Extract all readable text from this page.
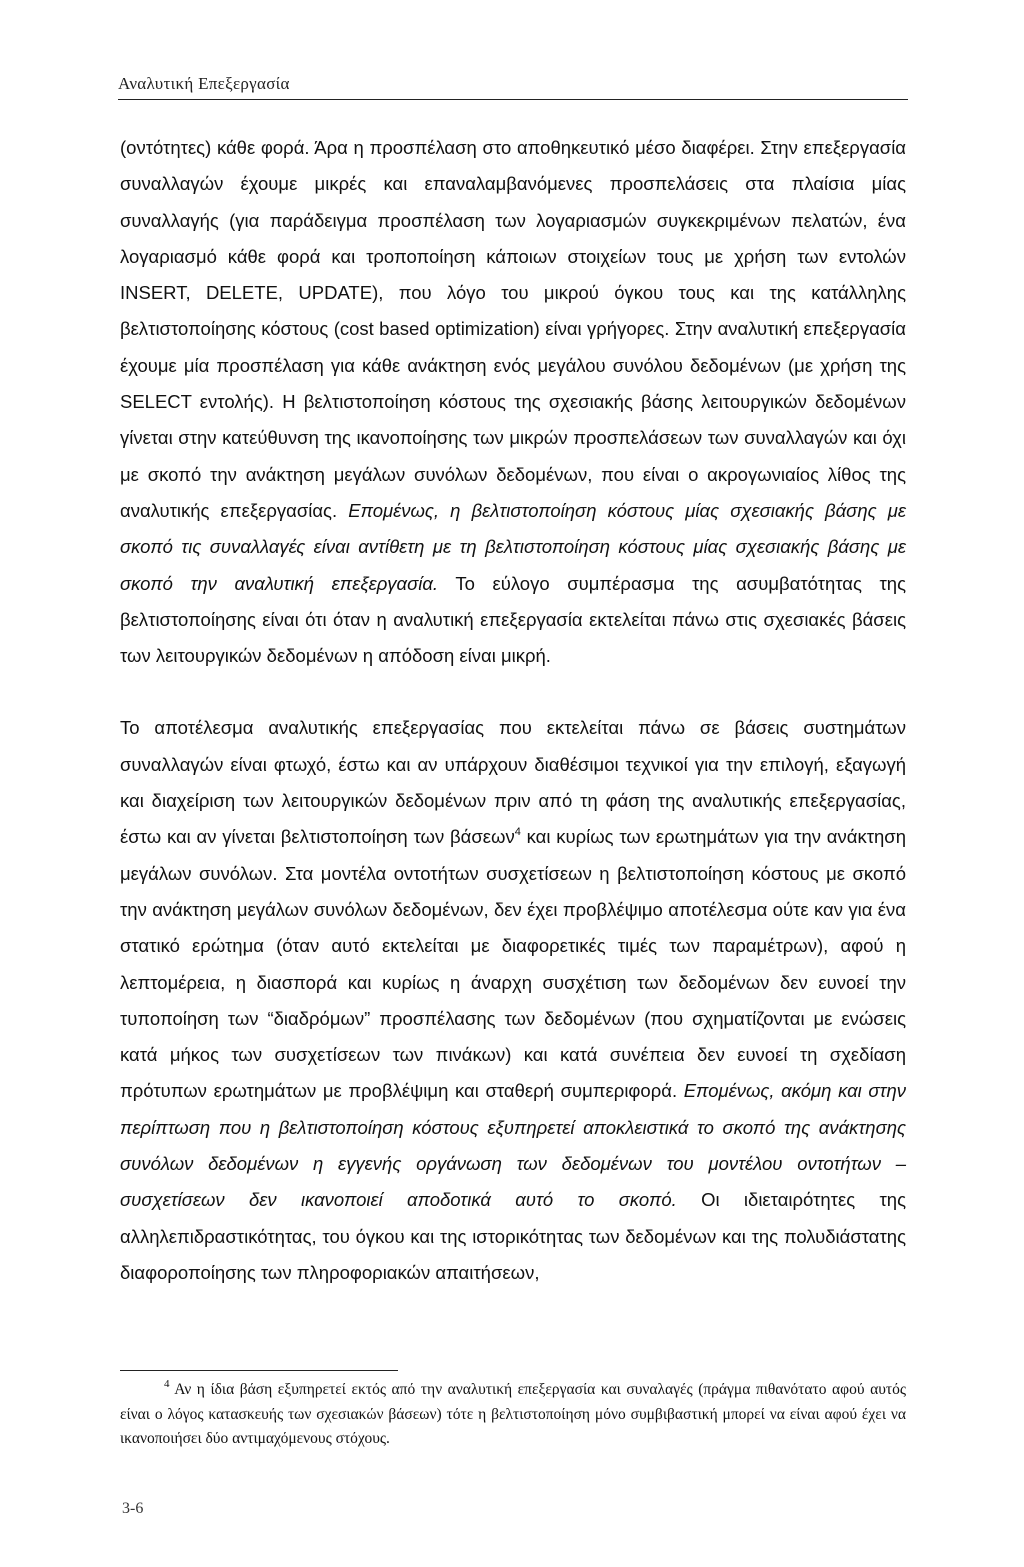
Αναλυτική Επεξεργασία

(οντότητες) κάθε φορά. Άρα η προσπέλαση στο αποθηκευτικό μέσο διαφέρει. Στην επεξεργασία συναλλαγών έχουμε μικρές και επαναλαμβανόμενες προσπελάσεις στα πλαίσια μίας συναλλαγής (για παράδειγμα προσπέλαση των λογαριασμών συγκεκριμένων πελατών, ένα λογαριασμό κάθε φορά και τροποποίηση κάποιων στοιχείων τους με χρήση των εντολών INSERT, DELETE, UPDATE), που λόγο του μικρού όγκου τους και της κατάλληλης βελτιστοποίησης κόστους (cost based optimization) είναι γρήγορες. Στην αναλυτική επεξεργασία έχουμε μία προσπέλαση για κάθε ανάκτηση ενός μεγάλου συνόλου δεδομένων (με χρήση της SELECT εντολής). Η βελτιστοποίηση κόστους της σχεσιακής βάσης λειτουργικών δεδομένων γίνεται στην κατεύθυνση της ικανοποίησης των μικρών προσπελάσεων των συναλλαγών και όχι με σκοπό την ανάκτηση μεγάλων συνόλων δεδομένων, που είναι ο ακρογωνιαίος λίθος της αναλυτικής επεξεργασίας. Επομένως, η βελτιστοποίηση κόστους μίας σχεσιακής βάσης με σκοπό τις συναλλαγές είναι αντίθετη με τη βελτιστοποίηση κόστους μίας σχεσιακής βάσης με σκοπό την αναλυτική επεξεργασία. Το εύλογο συμπέρασμα της ασυμβατότητας της βελτιστοποίησης είναι ότι όταν η αναλυτική επεξεργασία εκτελείται πάνω στις σχεσιακές βάσεις των λειτουργικών δεδομένων η απόδοση είναι μικρή.

Το αποτέλεσμα αναλυτικής επεξεργασίας που εκτελείται πάνω σε βάσεις συστημάτων συναλλαγών είναι φτωχό, έστω και αν υπάρχουν διαθέσιμοι τεχνικοί για την επιλογή, εξαγωγή και διαχείριση των λειτουργικών δεδομένων πριν από τη φάση της αναλυτικής επεξεργασίας, έστω και αν γίνεται βελτιστοποίηση των βάσεων$^4$ και κυρίως των ερωτημάτων για την ανάκτηση μεγάλων συνόλων. Στα μοντέλα οντοτήτων συσχετίσεων η βελτιστοποίηση κόστους με σκοπό την ανάκτηση μεγάλων συνόλων δεδομένων, δεν έχει προβλέψιμο αποτέλεσμα ούτε καν για ένα στατικό ερώτημα (όταν αυτό εκτελείται με διαφορετικές τιμές των παραμέτρων), αφού η λεπτομέρεια, η διασπορά και κυρίως η άναρχη συσχέτιση των δεδομένων δεν ευνοεί την τυποποίηση των “διαδρόμων” προσπέλασης των δεδομένων (που σχηματίζονται με ενώσεις κατά μήκος των συσχετίσεων των πινάκων) και κατά συνέπεια δεν ευνοεί τη σχεδίαση πρότυπων ερωτημάτων με προβλέψιμη και σταθερή συμπεριφορά. Επομένως, ακόμη και στην περίπτωση που η βελτιστοποίηση κόστους εξυπηρετεί αποκλειστικά το σκοπό της ανάκτησης συνόλων δεδομένων η εγγενής οργάνωση των δεδομένων του μοντέλου οντοτήτων – συσχετίσεων δεν ικανοποιεί αποδοτικά αυτό το σκοπό. Οι ιδιεταιρότητες της αλληλεπιδραστικότητας, του όγκου και της ιστορικότητας των δεδομένων και της πολυδιάστατης διαφοροποίησης των πληροφοριακών απαιτήσεων,

$^4$ Αν η ίδια βάση εξυπηρετεί εκτός από την αναλυτική επεξεργασία και συναλαγές (πράγμα πιθανότατο αφού αυτός είναι ο λόγος κατασκευής των σχεσιακών βάσεων) τότε η βελτιστοποίηση μόνο συμβιβαστική μπορεί να είναι αφού έχει να ικανοποιήσει δύο αντιμαχόμενους στόχους.

3-6
